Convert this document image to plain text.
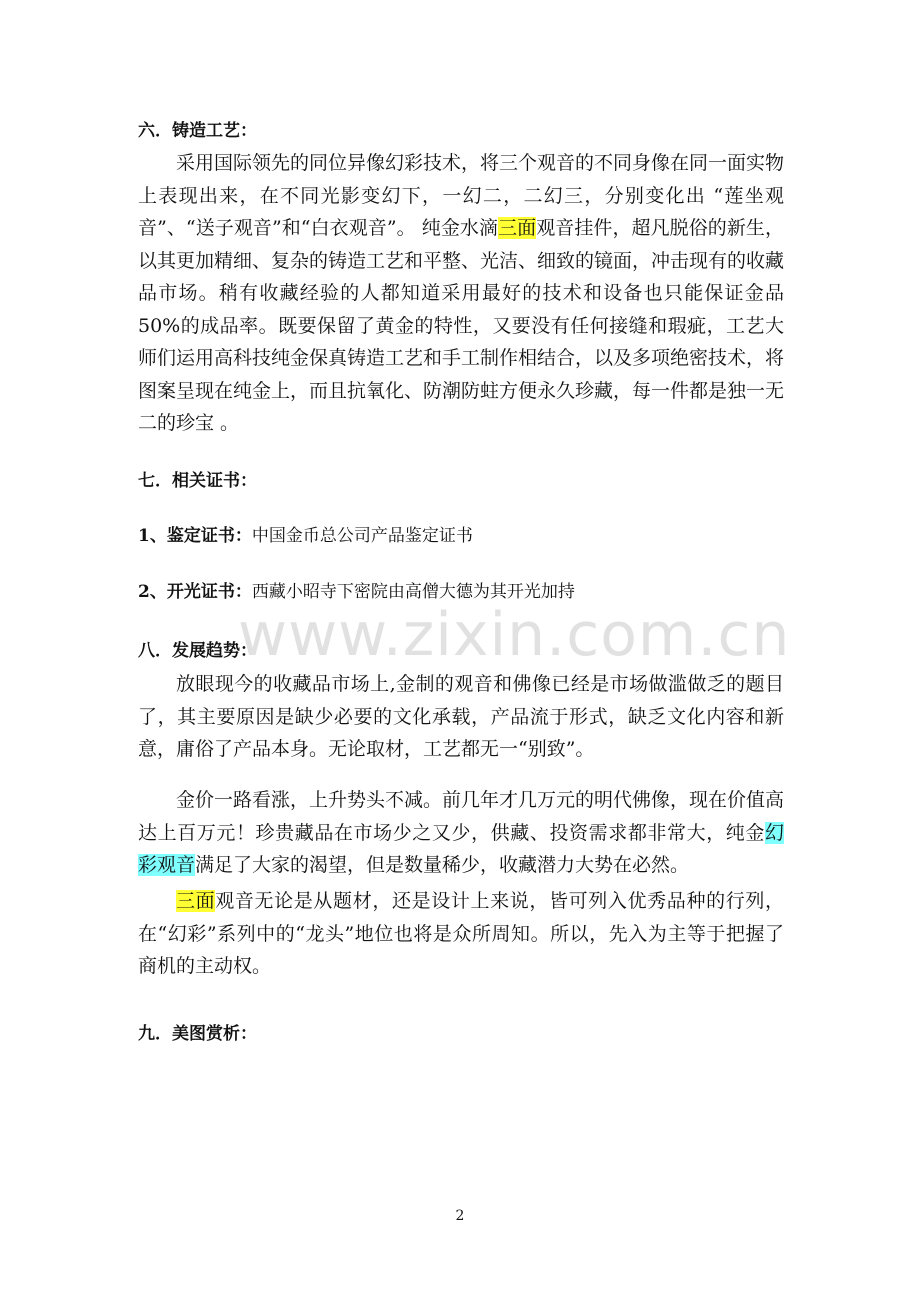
www.zixin.com.cn
六．铸造工艺：

采用国际领先的同位异像幻彩技术，将三个观音的不同身像在同一面实物上表现出来，在不同光影变幻下，一幻二，二幻三，分别变化出 “莲坐观音”、“送子观音”和“白衣观音”。 纯金水滴三面观音挂件，超凡脱俗的新生，以其更加精细、复杂的铸造工艺和平整、光洁、细致的镜面，冲击现有的收藏品市场。稍有收藏经验的人都知道采用最好的技术和设备也只能保证金品 50%的成品率。既要保留了黄金的特性，又要没有任何接缝和瑕疵，工艺大师们运用高科技纯金保真铸造工艺和手工制作相结合，以及多项绝密技术，将图案呈现在纯金上，而且抗氧化、防潮防蛀方便永久珍藏，每一件都是独一无二的珍宝 。

七．相关证书：
1、鉴定证书：中国金币总公司产品鉴定证书
2、开光证书：西藏小昭寺下密院由高僧大德为其开光加持
八．发展趋势：

放眼现今的收藏品市场上,金制的观音和佛像已经是市场做滥做乏的题目了，其主要原因是缺少必要的文化承载，产品流于形式，缺乏文化内容和新意，庸俗了产品本身。无论取材，工艺都无一“别致”。

金价一路看涨，上升势头不减。前几年才几万元的明代佛像，现在价值高达上百万元！珍贵藏品在市场少之又少，供藏、投资需求都非常大，纯金幻彩观音满足了大家的渴望，但是数量稀少，收藏潜力大势在必然。

三面观音无论是从题材，还是设计上来说，皆可列入优秀品种的行列，在“幻彩”系列中的“龙头”地位也将是众所周知。所以，先入为主等于把握了商机的主动权。

九．美图赏析：
2
